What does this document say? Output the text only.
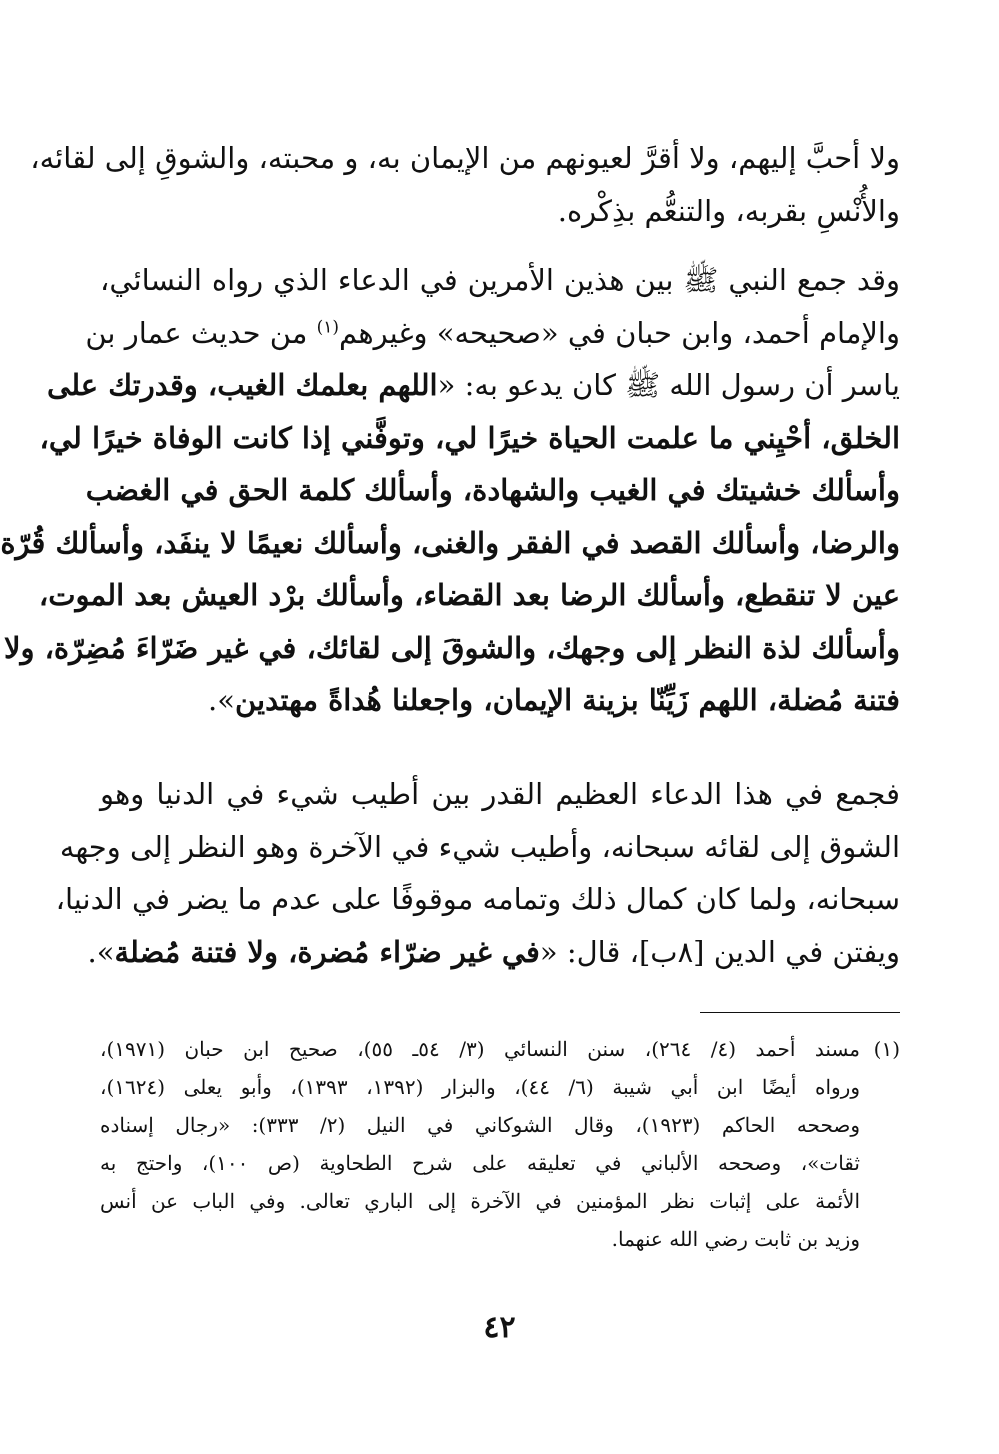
ولا أحبَّ إليهم، ولا أقرَّ لعيونهم من الإيمان به، و محبته، والشوقِ إلى لقائه،
والأُنْسِ بقربه، والتنعُّم بذِكْره.
وقد جمع النبي ﷺ بين هذين الأمرين في الدعاء الذي رواه النسائي،
والإمام أحمد، وابن حبان في «صحيحه» وغيرهم$^{(١)}$ من حديث عمار بن
ياسر أن رسول الله ﷺ كان يدعو به: «اللهم بعلمك الغيب، وقدرتك على
الخلق، أحْيِني ما علمت الحياة خيرًا لي، وتوفَّني إذا كانت الوفاة خيرًا لي،
وأسألك خشيتك في الغيب والشهادة، وأسألك كلمة الحق في الغضب
والرضا، وأسألك القصد في الفقر والغنى، وأسألك نعيمًا لا ينفَد، وأسألك قُرّة
عين لا تنقطع، وأسألك الرضا بعد القضاء، وأسألك برْد العيش بعد الموت،
وأسألك لذة النظر إلى وجهك، والشوقَ إلى لقائك، في غير ضَرّاءَ مُضِرّة، ولا
فتنة مُضلة، اللهم زَيِّنّا بزينة الإيمان، واجعلنا هُداةً مهتدين».
فجمع في هذا الدعاء العظيم القدر بين أطيب شيء في الدنيا وهو
الشوق إلى لقائه سبحانه، وأطيب شيء في الآخرة وهو النظر إلى وجهه
سبحانه، ولما كان كمال ذلك وتمامه موقوفًا على عدم ما يضر في الدنيا،
ويفتن في الدين [٨ب]، قال: «في غير ضرّاء مُضرة، ولا فتنة مُضلة».
(١)مسند أحمد (٤/ ٢٦٤)، سنن النسائي (٣/ ٥٤ـ ٥٥)، صحيح ابن حبان (١٩٧١)،
ورواه أيضًا ابن أبي شيبة (٦/ ٤٤)، والبزار (١٣٩٢، ١٣٩٣)، وأبو يعلى (١٦٢٤)،
وصححه الحاكم (١٩٢٣)، وقال الشوكاني في النيل (٢/ ٣٣٣): «رجال إسناده
ثقات»، وصححه الألباني في تعليقه على شرح الطحاوية (ص ١٠٠)، واحتج به
الأئمة على إثبات نظر المؤمنين في الآخرة إلى الباري تعالى. وفي الباب عن أنس
وزيد بن ثابت رضي الله عنهما.
٤٢
